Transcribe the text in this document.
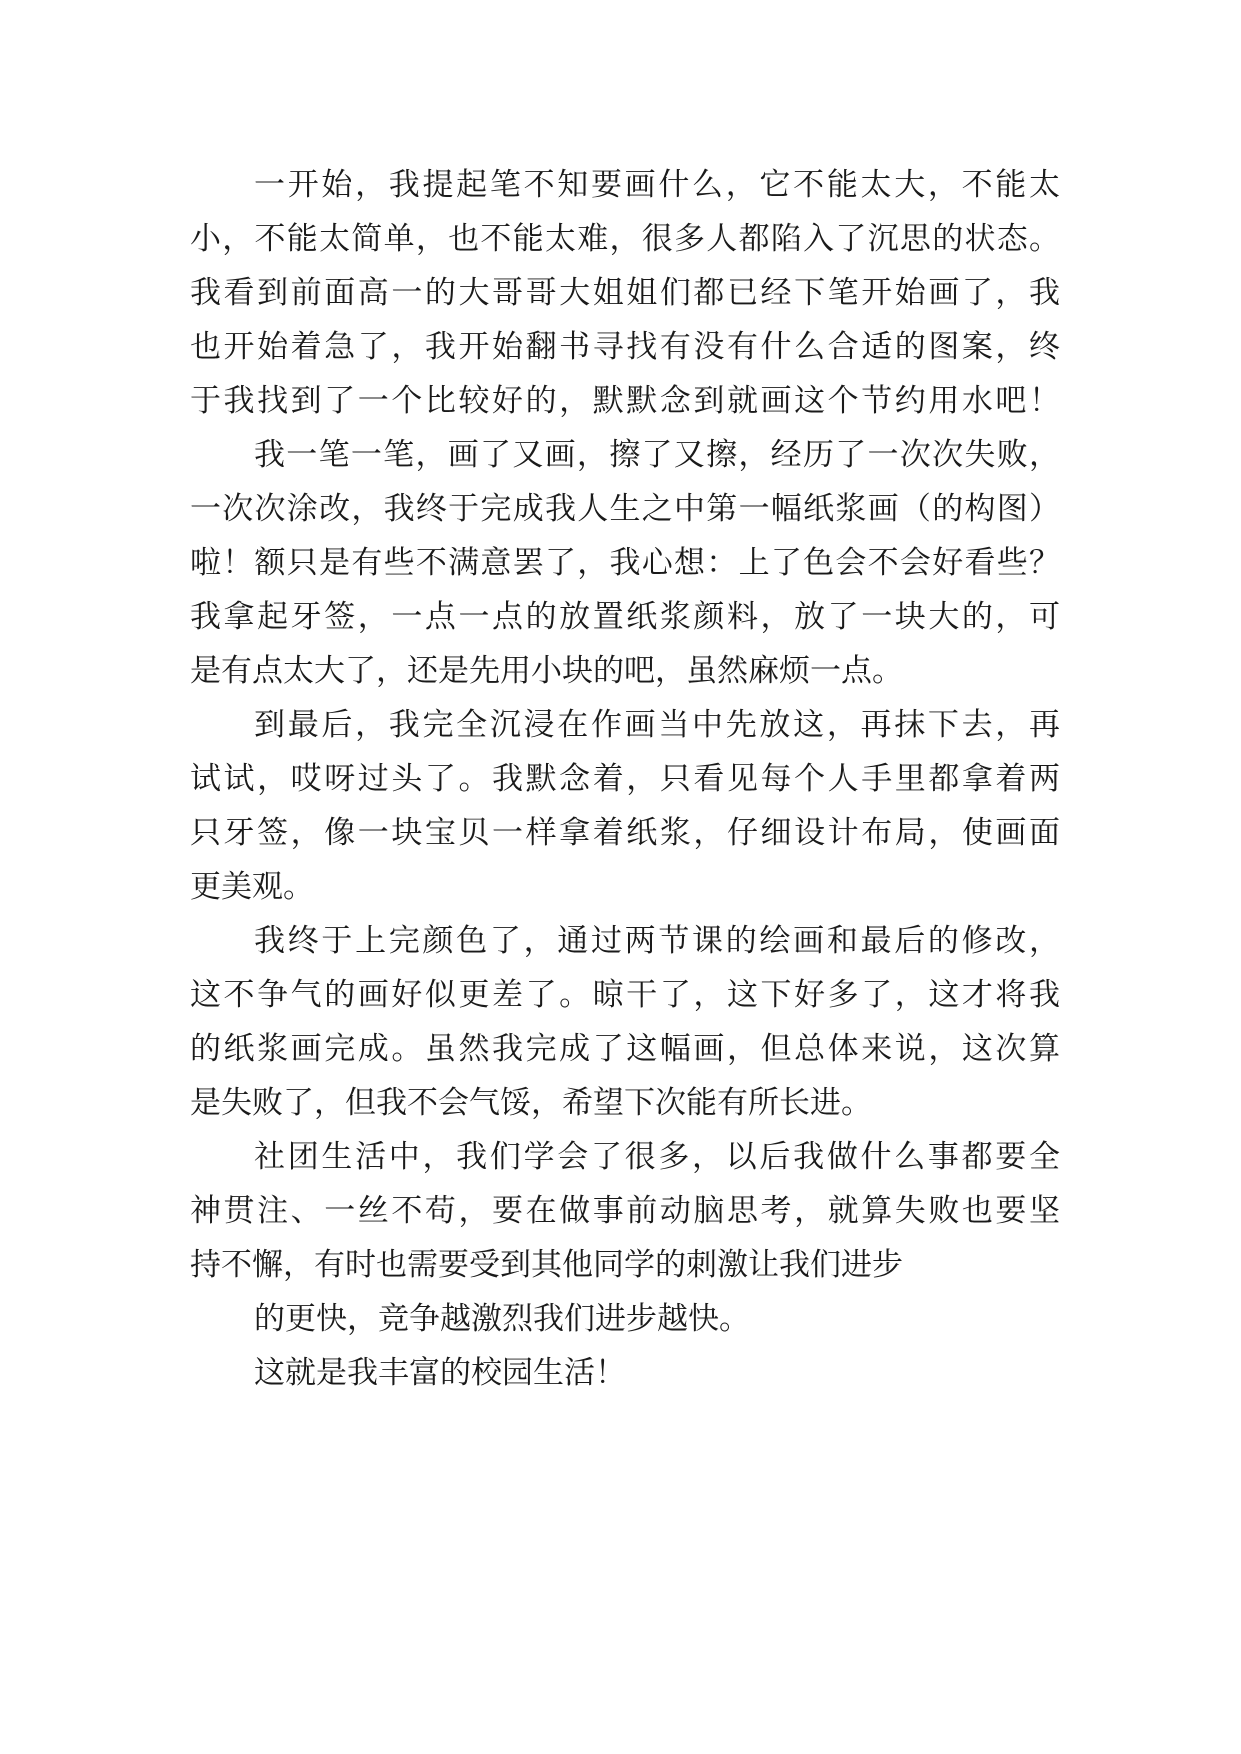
一开始，我提起笔不知要画什么，它不能太大，不能太
小，不能太简单，也不能太难，很多人都陷入了沉思的状态。
我看到前面高一的大哥哥大姐姐们都已经下笔开始画了，我
也开始着急了，我开始翻书寻找有没有什么合适的图案，终
于我找到了一个比较好的，默默念到就画这个节约用水吧！
我一笔一笔，画了又画，擦了又擦，经历了一次次失败，
一次次涂改，我终于完成我人生之中第一幅纸浆画（的构图）
啦！额只是有些不满意罢了，我心想：上了色会不会好看些？
我拿起牙签，一点一点的放置纸浆颜料，放了一块大的，可
是有点太大了，还是先用小块的吧，虽然麻烦一点。
到最后，我完全沉浸在作画当中先放这，再抹下去，再
试试，哎呀过头了。我默念着，只看见每个人手里都拿着两
只牙签，像一块宝贝一样拿着纸浆，仔细设计布局，使画面
更美观。
我终于上完颜色了，通过两节课的绘画和最后的修改，
这不争气的画好似更差了。晾干了，这下好多了，这才将我
的纸浆画完成。虽然我完成了这幅画，但总体来说，这次算
是失败了，但我不会气馁，希望下次能有所长进。
社团生活中，我们学会了很多，以后我做什么事都要全
神贯注、一丝不苟，要在做事前动脑思考，就算失败也要坚
持不懈，有时也需要受到其他同学的刺激让我们进步
的更快，竞争越激烈我们进步越快。
这就是我丰富的校园生活！
